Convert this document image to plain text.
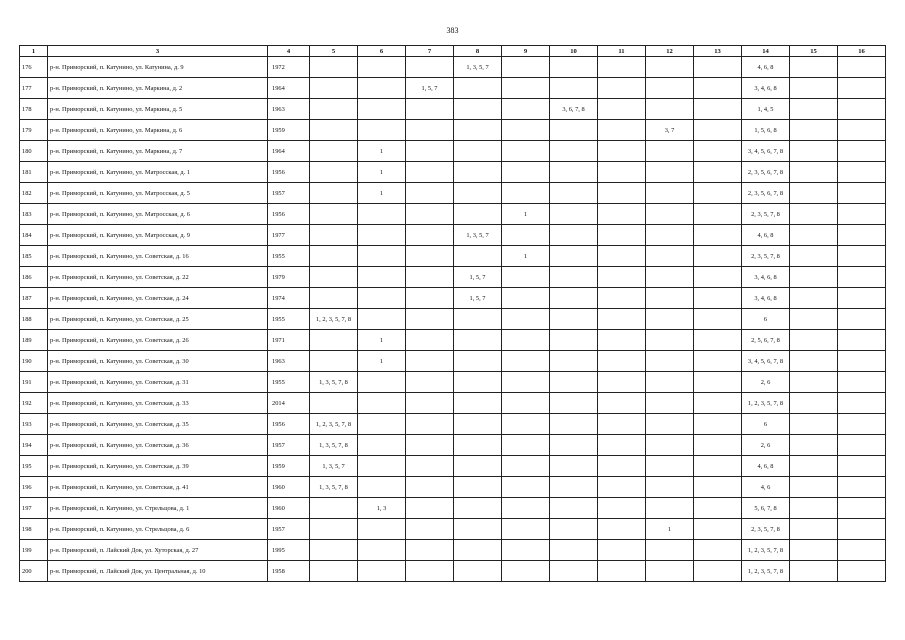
383
1	3	4	5	6	7	8	9	10	11	12	13	14	15	16
176	р-н. Приморский, п. Катунино, ул. Катунина, д. 9	1972				1, 3, 5, 7						4, 6, 8		
177	р-н. Приморский, п. Катунино, ул. Маркина, д. 2	1964			1, 5, 7							3, 4, 6, 8		
178	р-н. Приморский, п. Катунино, ул. Маркина, д. 5	1963						3, 6, 7, 8				1, 4, 5		
179	р-н. Приморский, п. Катунино, ул. Маркина, д. 6	1959								3, 7		1, 5, 6, 8		
180	р-н. Приморский, п. Катунино, ул. Маркина, д. 7	1964		1								3, 4, 5, 6, 7, 8		

181	р-н. Приморский, п. Катунино, ул. Матросская, д. 1	1956		1								2, 3, 5, 6, 7, 8		

182	р-н. Приморский, п. Катунино, ул. Матросская, д. 5	1957		1								2, 3, 5, 6, 7, 8		

183	р-н. Приморский, п. Катунино, ул. Матросская, д. 6	1956					1					2, 3, 5, 7, 8		

184	р-н. Приморский, п. Катунино, ул. Матросская, д. 9	1977				1, 3, 5, 7						4, 6, 8		
185	р-н. Приморский, п. Катунино, ул. Советская, д. 16	1955					1					2, 3, 5, 7, 8		

186	р-н. Приморский, п. Катунино, ул. Советская, д. 22	1979				1, 5, 7						3, 4, 6, 8		
187	р-н. Приморский, п. Катунино, ул. Советская, д. 24	1974				1, 5, 7						3, 4, 6, 8		
188	р-н. Приморский, п. Катунино, ул. Советская, д. 25	1955	1, 2, 3, 5, 7, 8									6		
189	р-н. Приморский, п. Катунино, ул. Советская, д. 26	1971		1								2, 5, 6, 7, 8		

190	р-н. Приморский, п. Катунино, ул. Советская, д. 30	1963		1								3, 4, 5, 6, 7, 8		

191	р-н. Приморский, п. Катунино, ул. Советская, д. 31	1955	1, 3, 5, 7, 8									2, 6		
192	р-н. Приморский, п. Катунино, ул. Советская, д. 33	2014										1, 2, 3, 5, 7, 8		

193	р-н. Приморский, п. Катунино, ул. Советская, д. 35	1956	1, 2, 3, 5, 7, 8									6		
194	р-н. Приморский, п. Катунино, ул. Советская, д. 36	1957	1, 3, 5, 7, 8									2, 6		
195	р-н. Приморский, п. Катунино, ул. Советская, д. 39	1959	1, 3, 5, 7									4, 6, 8		
196	р-н. Приморский, п. Катунино, ул. Советская, д. 41	1960	1, 3, 5, 7, 8									4, 6		
197	р-н. Приморский, п. Катунино, ул. Стрельцова, д. 1	1960		1, 3								5, 6, 7, 8		
198	р-н. Приморский, п. Катунино, ул. Стрельцова, д. 6	1957								1		2, 3, 5, 7, 8		

199	р-н. Приморский, п. Лайский Док, ул. Хуторская, д. 27	1995										1, 2, 3, 5, 7, 8		

200	р-н. Приморский, п. Лайский Док, ул. Центральная, д. 10	1958										1, 2, 3, 5, 7, 8		
